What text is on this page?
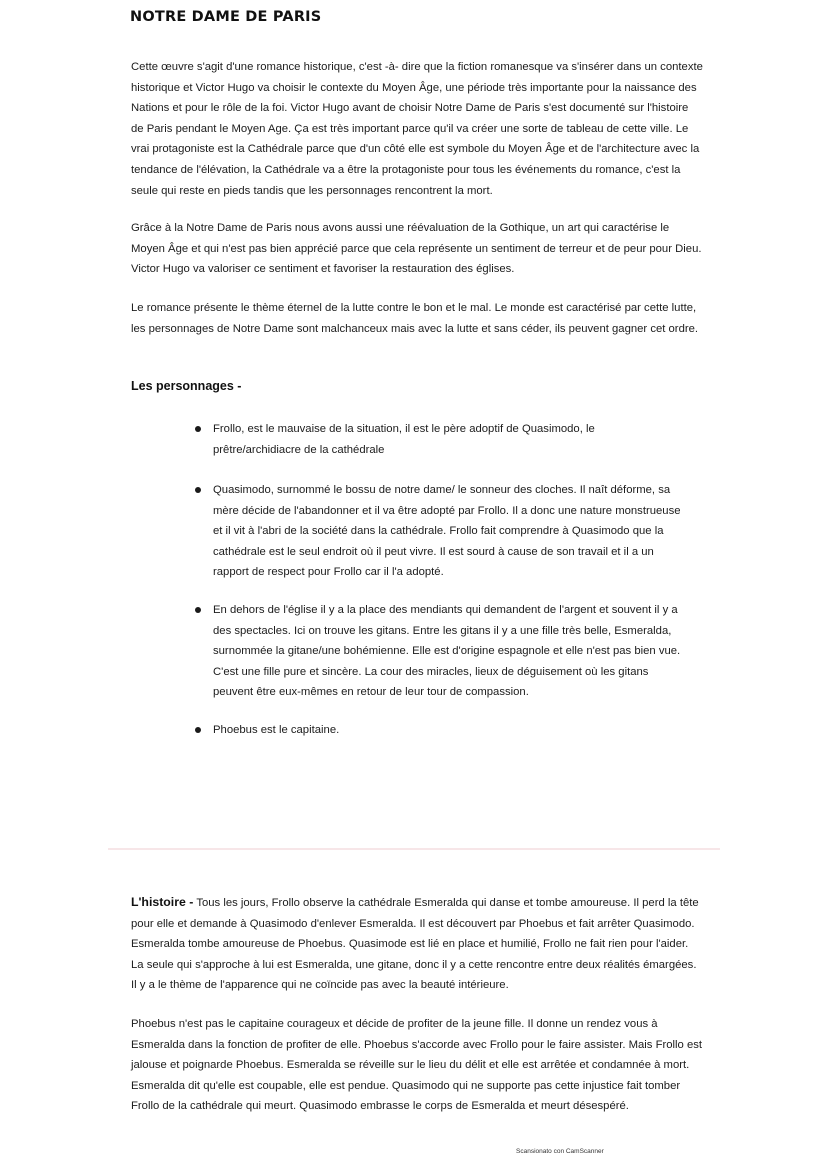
NOTRE DAME DE PARIS

Cette œuvre s'agit d'une romance historique, c'est -à- dire que la fiction romanesque va s'insérer dans un contexte historique et Victor Hugo va choisir le contexte du Moyen Âge, une période très importante pour la naissance des Nations et pour le rôle de la foi. Victor Hugo avant de choisir Notre Dame de Paris s'est documenté sur l'histoire de Paris pendant le Moyen Age. Ça est très important parce qu'il va créer une sorte de tableau de cette ville. Le vrai protagoniste est la Cathédrale parce que d'un côté elle est symbole du Moyen Âge et de l'architecture avec la tendance de l'élévation, la Cathédrale va a être la protagoniste pour tous les événements du romance, c'est la seule qui reste en pieds tandis que les personnages rencontrent la mort.

Grâce à la Notre Dame de Paris nous avons aussi une réévaluation de la Gothique, un art qui caractérise le Moyen Âge et qui n'est pas bien apprécié parce que cela représente un sentiment de terreur et de peur pour Dieu. Victor Hugo va valoriser ce sentiment et favoriser la restauration des églises.

Le romance présente le thème éternel de la lutte contre le bon et le mal. Le monde est caractérisé par cette lutte, les personnages de Notre Dame sont malchanceux mais avec la lutte et sans céder, ils peuvent gagner cet ordre.

Les personnages -

Frollo, est le mauvaise de la situation, il est le père adoptif de Quasimodo, le prêtre/archidiacre de la cathédrale

Quasimodo, surnommé le bossu de notre dame/ le sonneur des cloches. Il naît déforme, sa mère décide de l'abandonner et il va être adopté par Frollo. Il a donc une nature monstrueuse et il vit à l'abri de la société dans la cathédrale. Frollo fait comprendre à Quasimodo que la cathédrale est le seul endroit où il peut vivre. Il est sourd à cause de son travail et il a un rapport de respect pour Frollo car il l'a adopté.

En dehors de l'église il y a la place des mendiants qui demandent de l'argent et souvent il y a des spectacles. Ici on trouve les gitans. Entre les gitans il y a une fille très belle, Esmeralda, surnommée la gitane/une bohémienne. Elle est d'origine espagnole et elle n'est pas bien vue. C'est une fille pure et sincère. La cour des miracles, lieux de déguisement où les gitans peuvent être eux-mêmes en retour de leur tour de compassion.

Phoebus est le capitaine.

L'histoire - Tous les jours, Frollo observe la cathédrale Esmeralda qui danse et tombe amoureuse. Il perd la tête pour elle et demande à Quasimodo d'enlever Esmeralda. Il est découvert par Phoebus et fait arrêter Quasimodo. Esmeralda tombe amoureuse de Phoebus. Quasimode est lié en place et humilié, Frollo ne fait rien pour l'aider. La seule qui s'approche à lui est Esmeralda, une gitane, donc il y a cette rencontre entre deux réalités émargées. Il y a le thème de l'apparence qui ne coïncide pas avec la beauté intérieure.

Phoebus n'est pas le capitaine courageux et décide de profiter de la jeune fille. Il donne un rendez vous à Esmeralda dans la fonction de profiter de elle. Phoebus s'accorde avec Frollo pour le faire assister. Mais Frollo est jalouse et poignarde Phoebus. Esmeralda se réveille sur le lieu du délit et elle est arrêtée et condamnée à mort. Esmeralda dit qu'elle est coupable, elle est pendue. Quasimodo qui ne supporte pas cette injustice fait tomber Frollo de la cathédrale qui meurt. Quasimodo embrasse le corps de Esmeralda et meurt désespéré.

Scansionato con CamScanner
